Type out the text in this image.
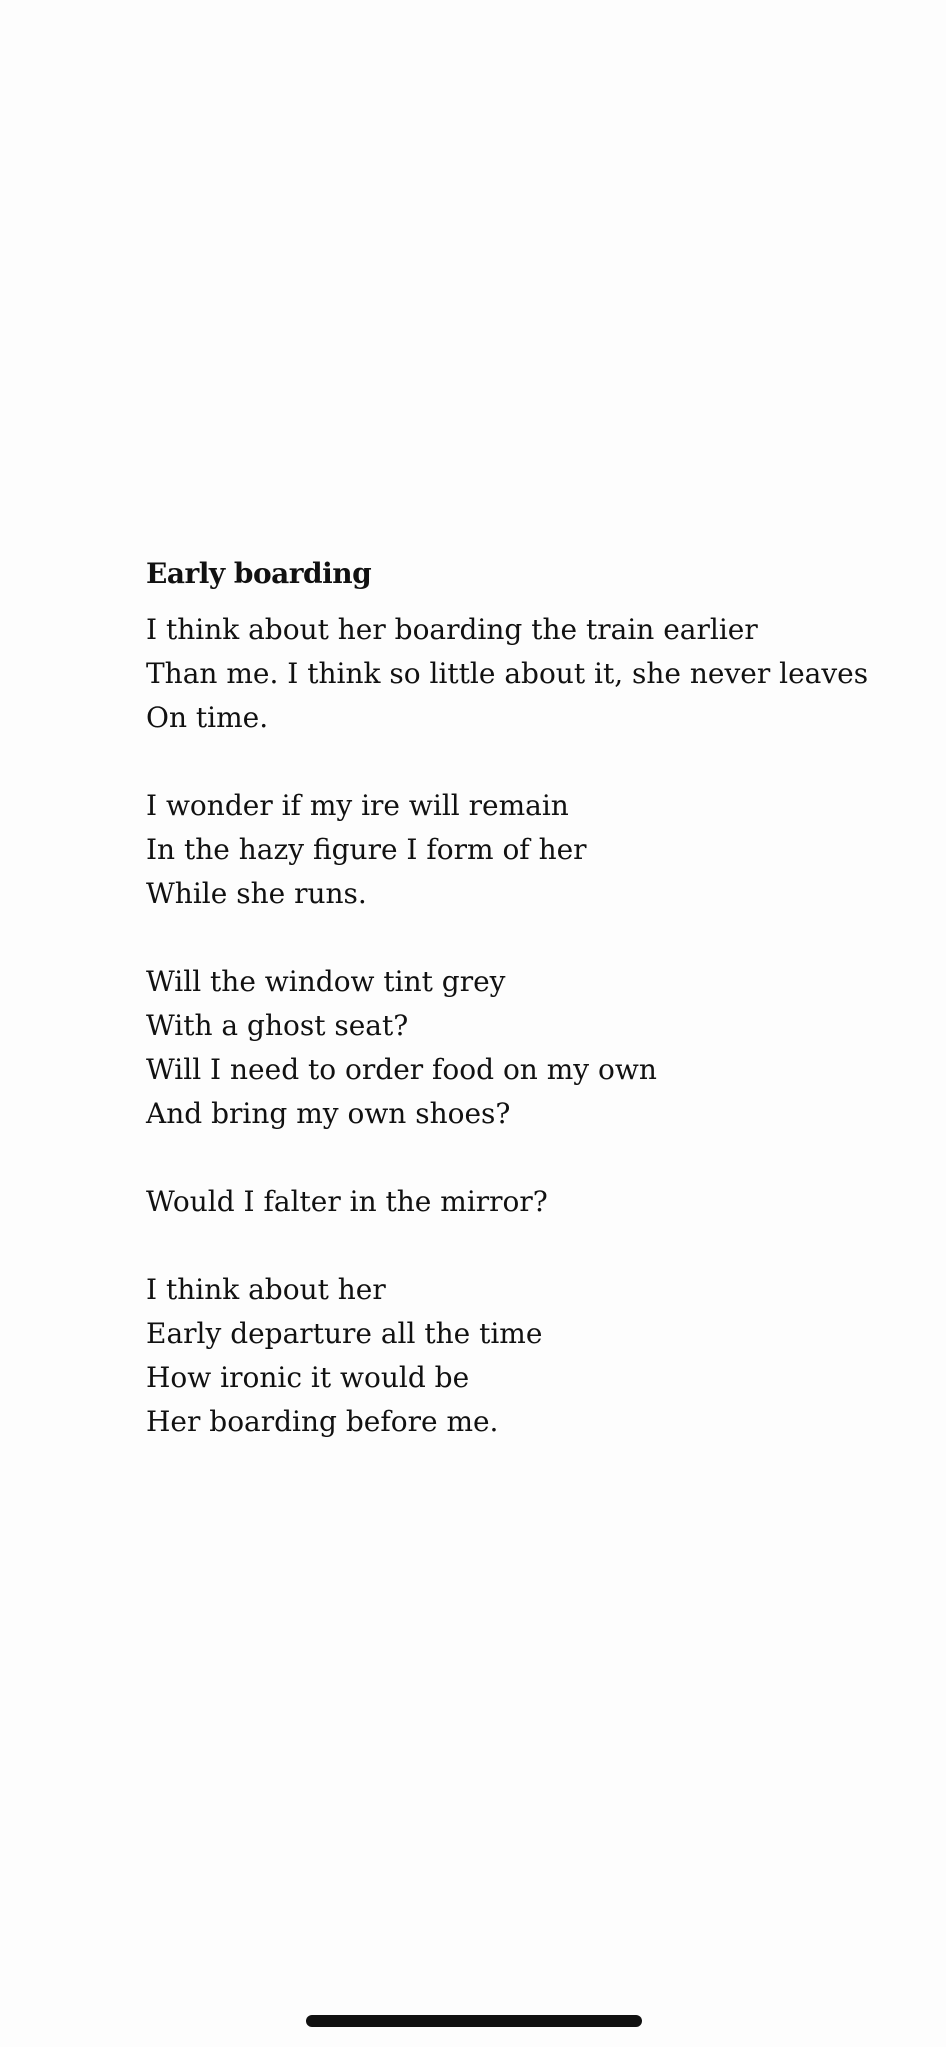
Early boarding
I think about her boarding the train earlier
Than me. I think so little about it, she never leaves
On time.
I wonder if my ire will remain
In the hazy figure I form of her
While she runs.
Will the window tint grey
With a ghost seat?
Will I need to order food on my own
And bring my own shoes?
Would I falter in the mirror?
I think about her
Early departure all the time
How ironic it would be
Her boarding before me.
